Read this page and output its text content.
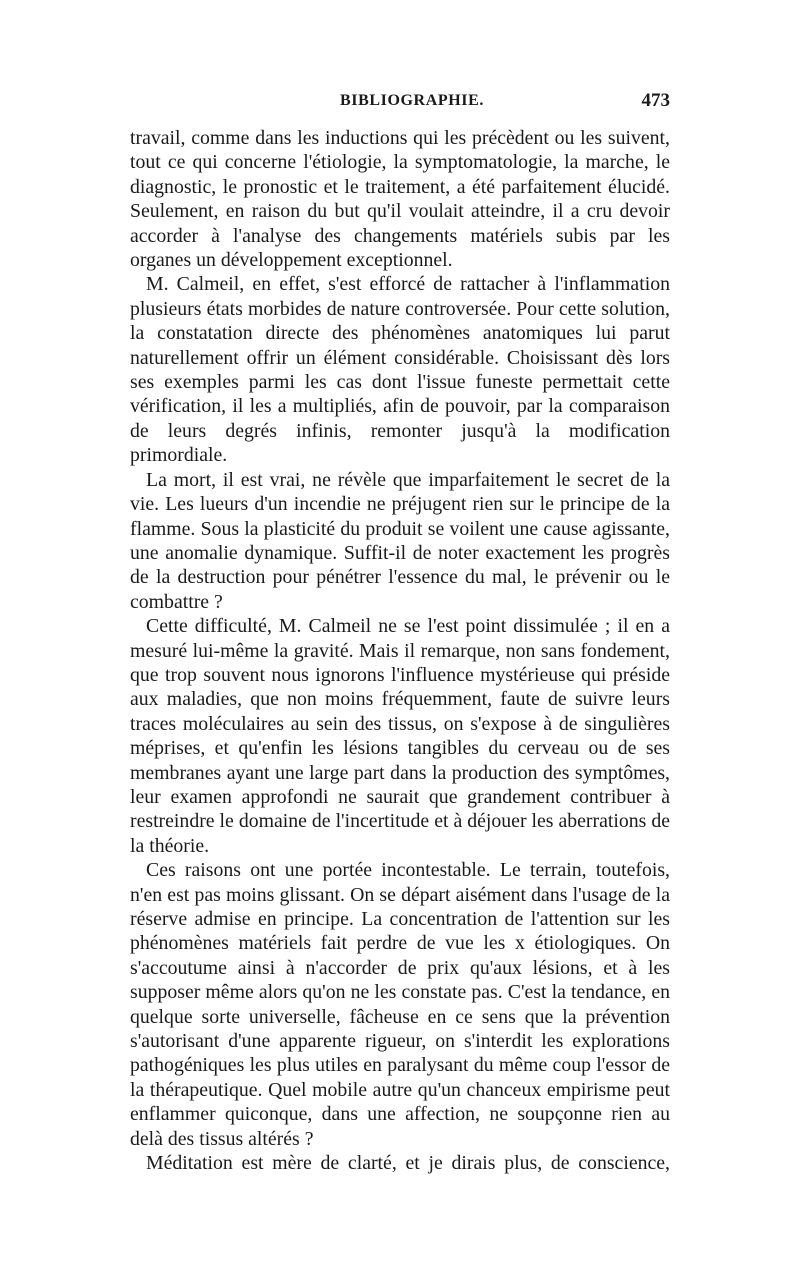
BIBLIOGRAPHIE.	473

travail, comme dans les inductions qui les précèdent ou les suivent, tout ce qui concerne l'étiologie, la symptomatologie, la marche, le diagnostic, le pronostic et le traitement, a été parfaitement élucidé. Seulement, en raison du but qu'il voulait atteindre, il a cru devoir accorder à l'analyse des changements matériels subis par les organes un développement exceptionnel.

M. Calmeil, en effet, s'est efforcé de rattacher à l'inflammation plusieurs états morbides de nature controversée. Pour cette solution, la constatation directe des phénomènes anatomiques lui parut naturellement offrir un élément considérable. Choisissant dès lors ses exemples parmi les cas dont l'issue funeste permettait cette vérification, il les a multipliés, afin de pouvoir, par la comparaison de leurs degrés infinis, remonter jusqu'à la modification primordiale.

La mort, il est vrai, ne révèle que imparfaitement le secret de la vie. Les lueurs d'un incendie ne préjugent rien sur le principe de la flamme. Sous la plasticité du produit se voilent une cause agissante, une anomalie dynamique. Suffit-il de noter exactement les progrès de la destruction pour pénétrer l'essence du mal, le prévenir ou le combattre ?

Cette difficulté, M. Calmeil ne se l'est point dissimulée ; il en a mesuré lui-même la gravité. Mais il remarque, non sans fondement, que trop souvent nous ignorons l'influence mystérieuse qui préside aux maladies, que non moins fréquemment, faute de suivre leurs traces moléculaires au sein des tissus, on s'expose à de singulières méprises, et qu'enfin les lésions tangibles du cerveau ou de ses membranes ayant une large part dans la production des symptômes, leur examen approfondi ne saurait que grandement contribuer à restreindre le domaine de l'incertitude et à déjouer les aberrations de la théorie.

Ces raisons ont une portée incontestable. Le terrain, toutefois, n'en est pas moins glissant. On se départ aisément dans l'usage de la réserve admise en principe. La concentration de l'attention sur les phénomènes matériels fait perdre de vue les x étiologiques. On s'accoutume ainsi à n'accorder de prix qu'aux lésions, et à les supposer même alors qu'on ne les constate pas. C'est la tendance, en quelque sorte universelle, fâcheuse en ce sens que la prévention s'autorisant d'une apparente rigueur, on s'interdit les explorations pathogéniques les plus utiles en paralysant du même coup l'essor de la thérapeutique. Quel mobile autre qu'un chanceux empirisme peut enflammer quiconque, dans une affection, ne soupçonne rien au delà des tissus altérés ?

Méditation est mère de clarté, et je dirais plus, de conscience,
